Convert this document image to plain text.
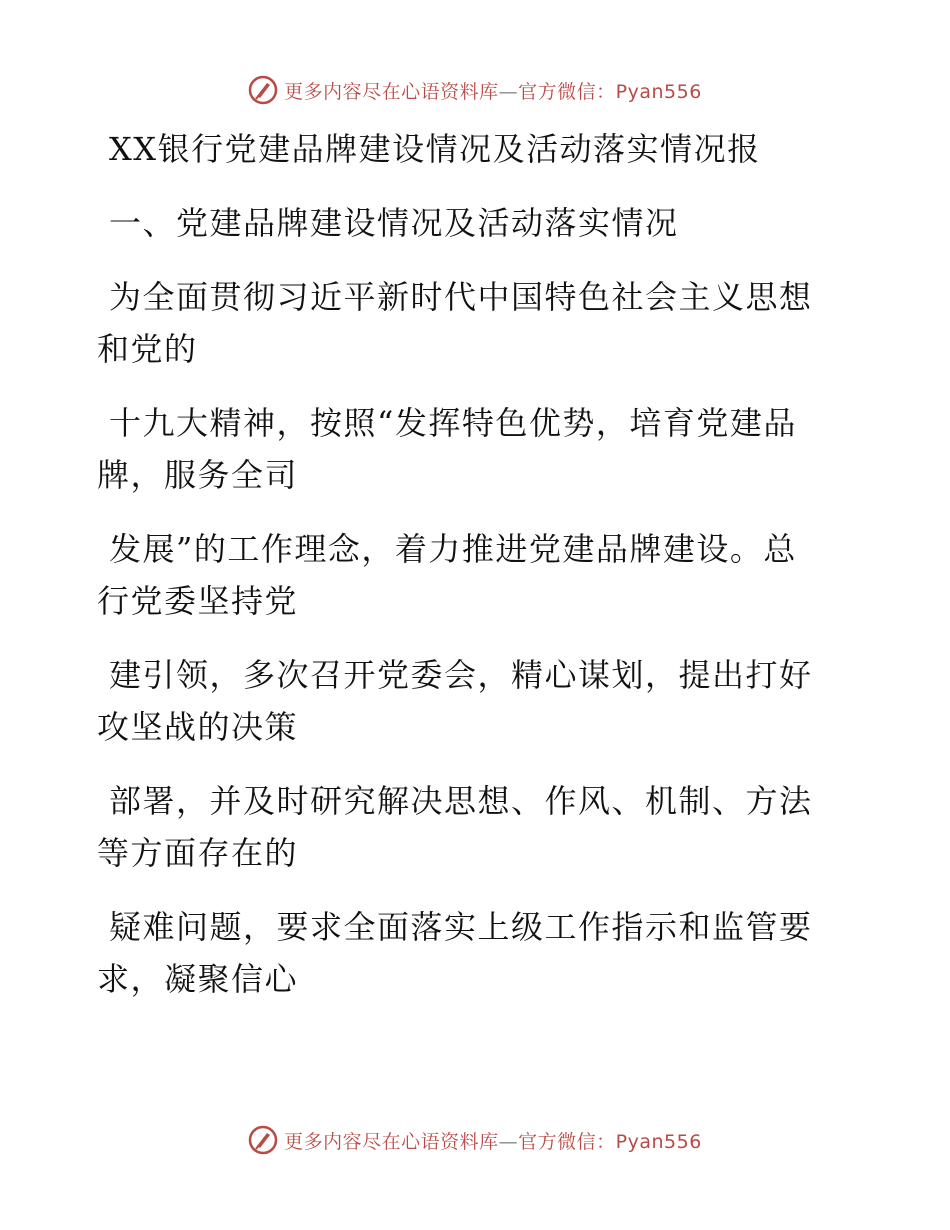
更多内容尽在心语资料库—官方微信：Pyan556
XX银行党建品牌建设情况及活动落实情况报
一、党建品牌建设情况及活动落实情况
为全面贯彻习近平新时代中国特色社会主义思想
和党的
十九大精神，按照“发挥特色优势，培育党建品
牌，服务全司
发展”的工作理念，着力推进党建品牌建设。总
行党委坚持党
建引领，多次召开党委会，精心谋划，提出打好
攻坚战的决策
部署，并及时研究解决思想、作风、机制、方法
等方面存在的
疑难问题，要求全面落实上级工作指示和监管要
求，凝聚信心
更多内容尽在心语资料库—官方微信：Pyan556
